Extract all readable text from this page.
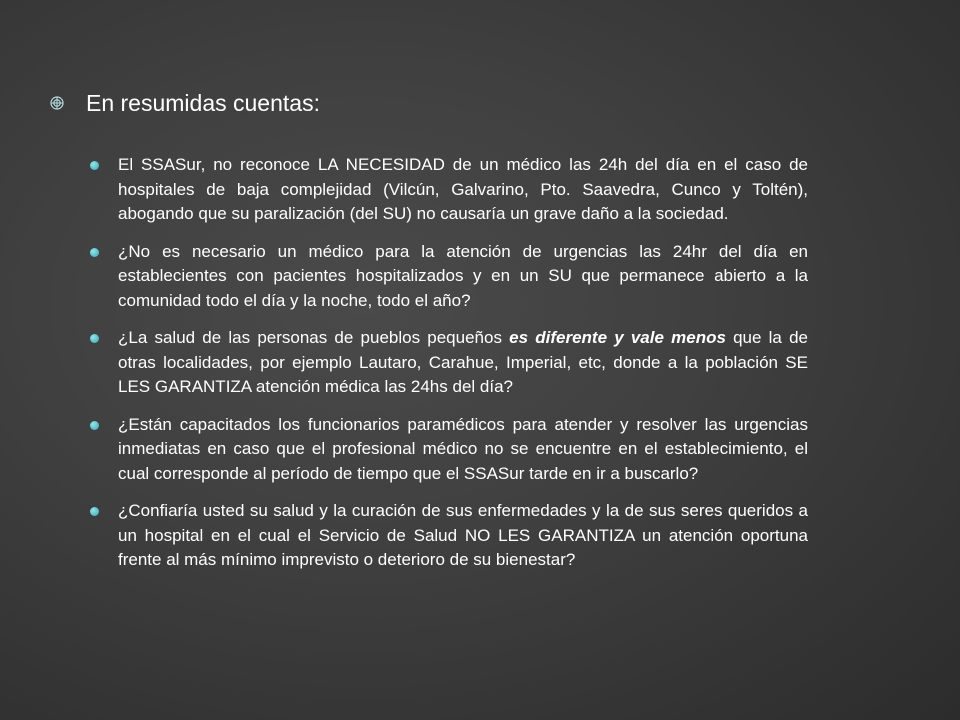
En resumidas cuentas:
El SSASur, no reconoce LA NECESIDAD de un médico las 24h del día en el caso de hospitales de baja complejidad (Vilcún, Galvarino, Pto. Saavedra, Cunco y Toltén), abogando que su paralización (del SU) no causaría un grave daño a la sociedad.
¿No es necesario un médico para la atención de urgencias las 24hr del día en establecientes con pacientes hospitalizados y en un SU que permanece abierto a la comunidad todo el día y la noche, todo el año?
¿La salud de las personas de pueblos pequeños es diferente y vale menos que la de otras localidades, por ejemplo Lautaro, Carahue, Imperial, etc, donde a la población SE LES GARANTIZA atención médica las 24hs del día?
¿Están capacitados los funcionarios paramédicos para atender y resolver las urgencias inmediatas en caso que el profesional médico no se encuentre en el establecimiento, el cual corresponde al período de tiempo que el SSASur tarde en ir a buscarlo?
¿Confiaría usted su salud y la curación de sus enfermedades y la de sus seres queridos a un hospital en el cual el Servicio de Salud NO LES GARANTIZA un atención oportuna frente al más mínimo imprevisto o deterioro de su bienestar?
